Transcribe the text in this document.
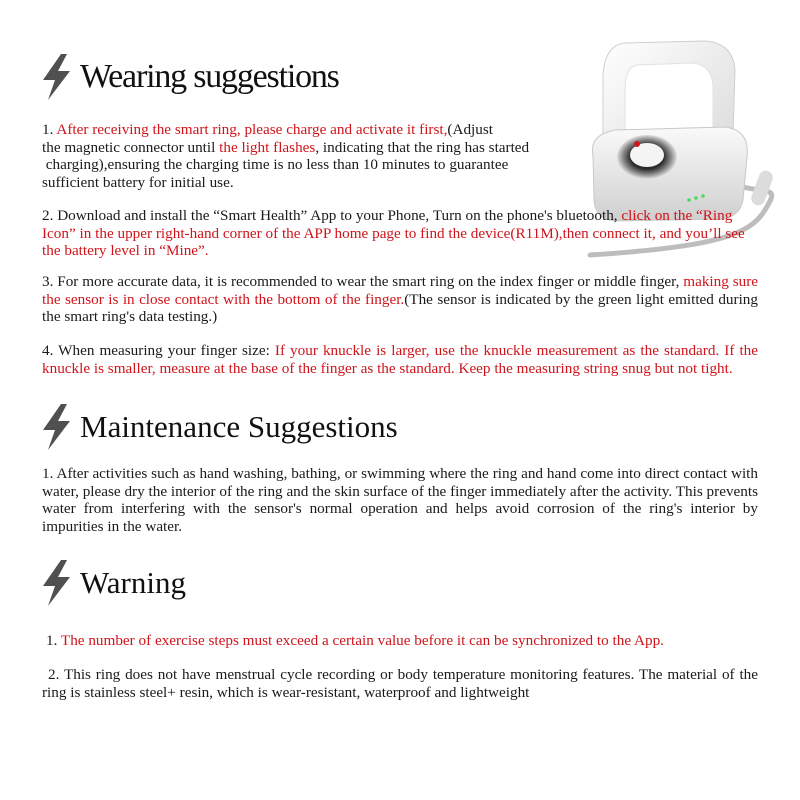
Wearing suggestions
1. After receiving the smart ring, please charge and activate it first,(Adjust
the magnetic connector until the light flashes, indicating that the ring has started
charging),ensuring the charging time is no less than 10 minutes to guarantee
sufficient battery for initial use.

2. Download and install the “Smart Health” App to your Phone, Turn on the phone's bluetooth, click on the “Ring Icon” in the upper right-hand corner of the APP home page to find the device(R11M),then connect it, and you’ll see the battery level in “Mine”.

3. For more accurate data, it is recommended to wear the smart ring on the index finger or middle finger, making sure the sensor is in close contact with the bottom of the finger.(The sensor is indicated by the green light emitted during the smart ring's data testing.)

4. When measuring your finger size: If your knuckle is larger, use the knuckle measurement as the standard. If the knuckle is smaller, measure at the base of the finger as the standard. Keep the measuring string snug but not tight.

Maintenance Suggestions

1. After activities such as hand washing, bathing, or swimming where the ring and hand come into direct contact with water, please dry the interior of the ring and the skin surface of the finger immediately after the activity. This prevents water from interfering with the sensor's normal operation and helps avoid corrosion of the ring's interior by impurities in the water.

Warning

1. The number of exercise steps must exceed a certain value before it can be synchronized to the App.

2. This ring does not have menstrual cycle recording or body temperature monitoring features. The material of the ring is stainless steel+ resin, which is wear-resistant, waterproof and lightweight
